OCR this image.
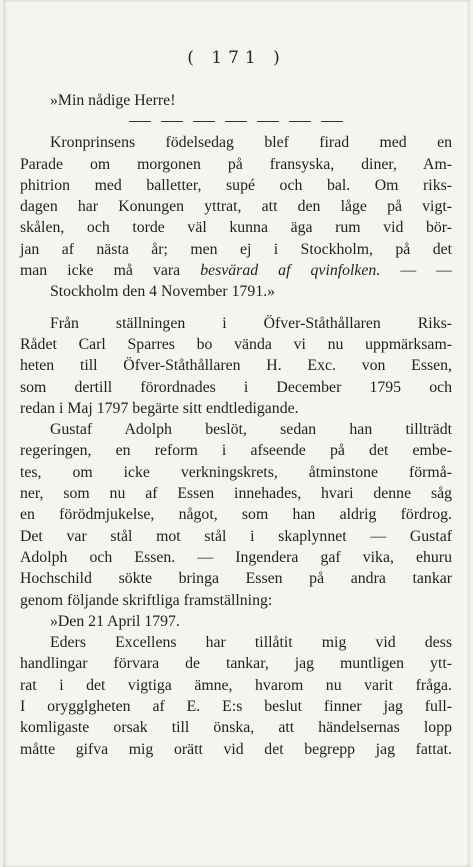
( 171 )
»Min nådige Herre!
Kronprinsens födelsedag blef firad med en
Parade om morgonen på fransyska, diner, Am-
phitrion med balletter, supé och bal. Om riks-
dagen har Konungen yttrat, att den låge på vigt-
skålen, och torde väl kunna äga rum vid bör-
jan af nästa år; men ej i Stockholm, på det
man icke må vara besvärad af qvinfolken. — —
Stockholm den 4 November 1791.»
Från ställningen i Öfver-Ståthållaren Riks-
Rådet Carl Sparres bo vända vi nu uppmärksam-
heten till Öfver-Ståthållaren H. Exc. von Essen,
som dertill förordnades i December 1795 och
redan i Maj 1797 begärte sitt endtledigande.
Gustaf Adolph beslöt, sedan han tillträdt
regeringen, en reform i afseende på det embe-
tes, om icke verkningskrets, åtminstone förmå-
ner, som nu af Essen innehades, hvari denne såg
en förödmjukelse, något, som han aldrig fördrog.
Det var stål mot stål i skaplynnet — Gustaf
Adolph och Essen. — Ingendera gaf vika, ehuru
Hochschild sökte bringa Essen på andra tankar
genom följande skriftliga framställning:
»Den 21 April 1797.
Eders Excellens har tillåtit mig vid dess
handlingar förvara de tankar, jag muntligen ytt-
rat i det vigtiga ämne, hvarom nu varit fråga.
I orygglgheten af E. E:s beslut finner jag full-
komligaste orsak till önska, att händelsernas lopp
måtte gifva mig orätt vid det begrepp jag fattat.
